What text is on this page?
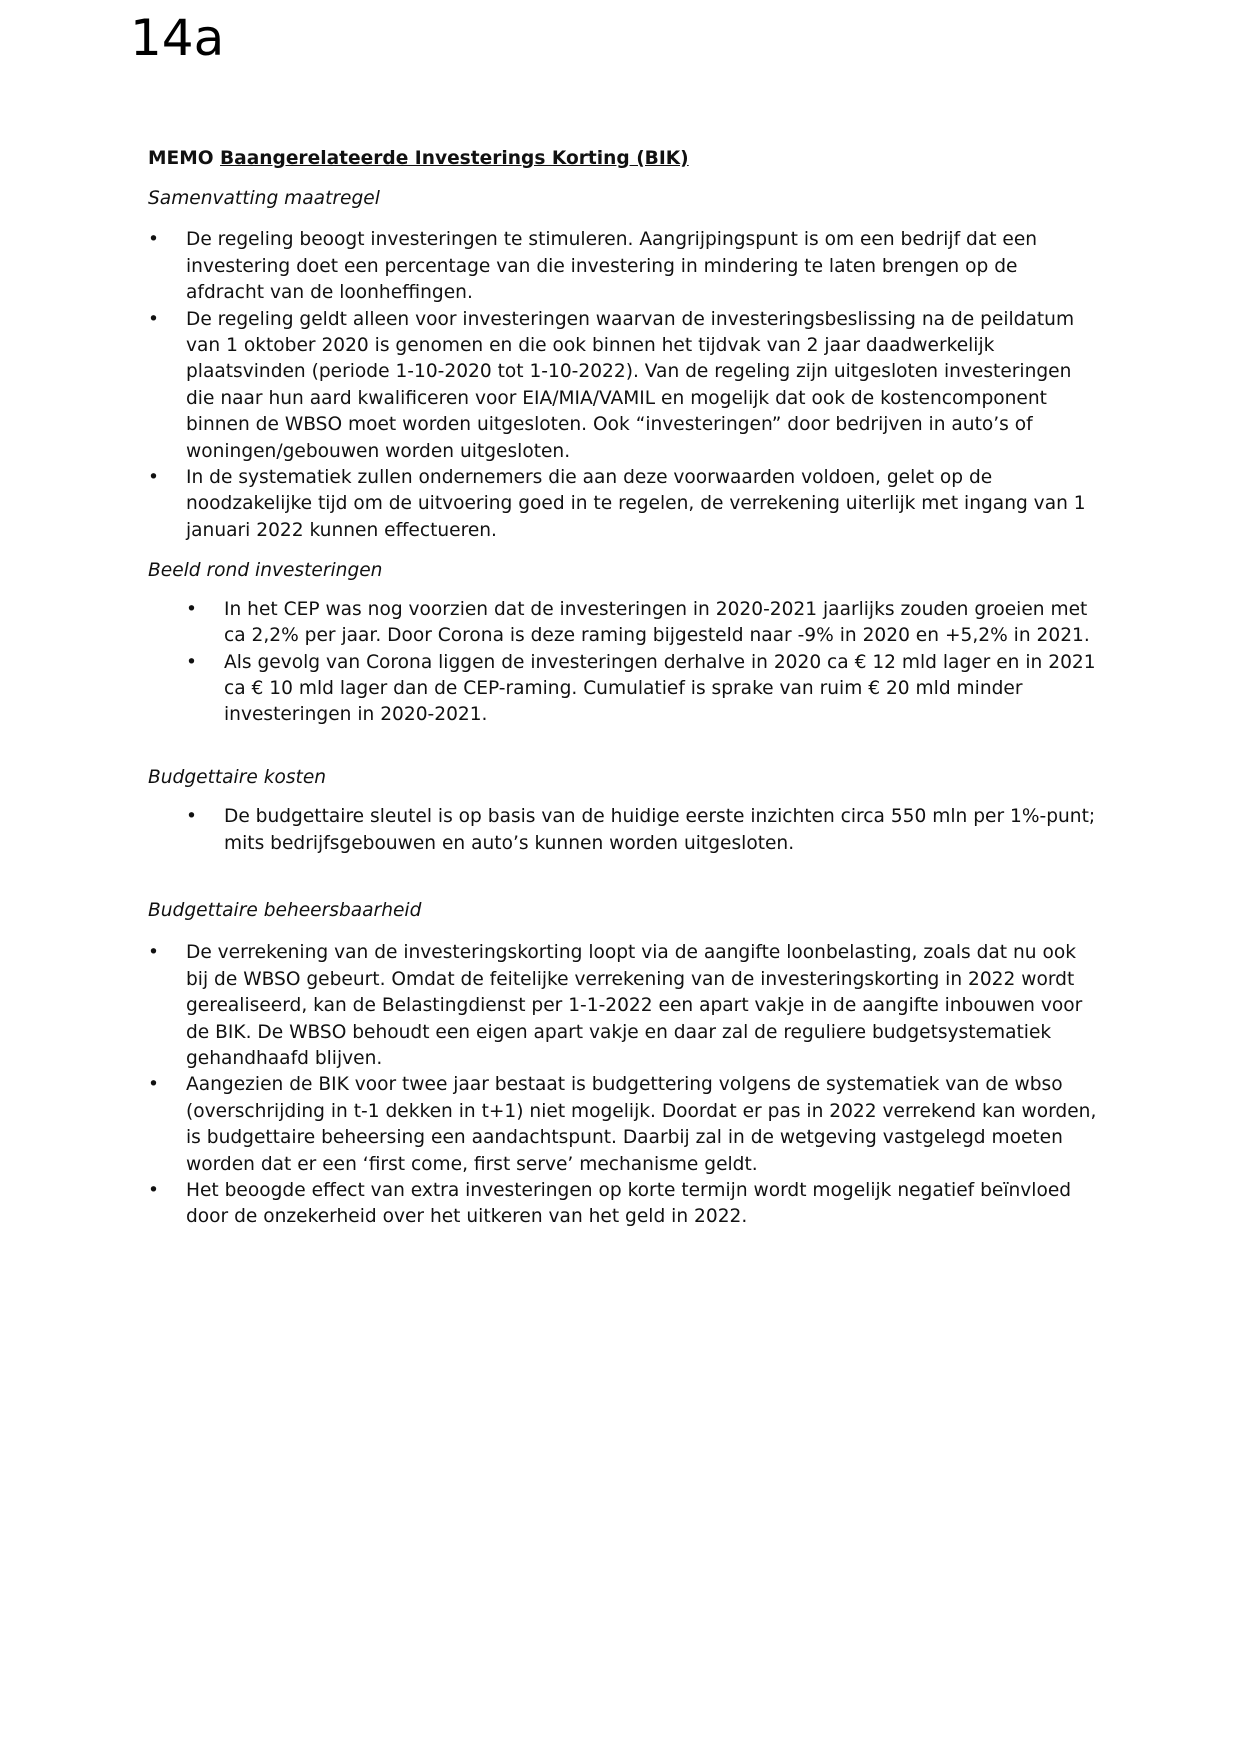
14a

MEMO Baangerelateerde Investerings Korting (BIK)

Samenvatting maatregel

• De regeling beoogt investeringen te stimuleren. Aangrijpingspunt is om een bedrijf dat een investering doet een percentage van die investering in mindering te laten brengen op de afdracht van de loonheffingen.
• De regeling geldt alleen voor investeringen waarvan de investeringsbeslissing na de peildatum van 1 oktober 2020 is genomen en die ook binnen het tijdvak van 2 jaar daadwerkelijk plaatsvinden (periode 1-10-2020 tot 1-10-2022). Van de regeling zijn uitgesloten investeringen die naar hun aard kwalificeren voor EIA/MIA/VAMIL en mogelijk dat ook de kostencomponent binnen de WBSO moet worden uitgesloten. Ook “investeringen” door bedrijven in auto’s of woningen/gebouwen worden uitgesloten.
• In de systematiek zullen ondernemers die aan deze voorwaarden voldoen, gelet op de noodzakelijke tijd om de uitvoering goed in te regelen, de verrekening uiterlijk met ingang van 1 januari 2022 kunnen effectueren.

Beeld rond investeringen

• In het CEP was nog voorzien dat de investeringen in 2020-2021 jaarlijks zouden groeien met ca 2,2% per jaar. Door Corona is deze raming bijgesteld naar -9% in 2020 en +5,2% in 2021.
• Als gevolg van Corona liggen de investeringen derhalve in 2020 ca € 12 mld lager en in 2021 ca € 10 mld lager dan de CEP-raming. Cumulatief is sprake van ruim € 20 mld minder investeringen in 2020-2021.

Budgettaire kosten

• De budgettaire sleutel is op basis van de huidige eerste inzichten circa 550 mln per 1%-punt; mits bedrijfsgebouwen en auto’s kunnen worden uitgesloten.

Budgettaire beheersbaarheid

• De verrekening van de investeringskorting loopt via de aangifte loonbelasting, zoals dat nu ook bij de WBSO gebeurt. Omdat de feitelijke verrekening van de investeringskorting in 2022 wordt gerealiseerd, kan de Belastingdienst per 1-1-2022 een apart vakje in de aangifte inbouwen voor de BIK. De WBSO behoudt een eigen apart vakje en daar zal de reguliere budgetsystematiek gehandhaafd blijven.
• Aangezien de BIK voor twee jaar bestaat is budgettering volgens de systematiek van de wbso (overschrijding in t-1 dekken in t+1) niet mogelijk. Doordat er pas in 2022 verrekend kan worden, is budgettaire beheersing een aandachtspunt. Daarbij zal in de wetgeving vastgelegd moeten worden dat er een ‘first come, first serve’ mechanisme geldt.
• Het beoogde effect van extra investeringen op korte termijn wordt mogelijk negatief beïnvloed door de onzekerheid over het uitkeren van het geld in 2022.
